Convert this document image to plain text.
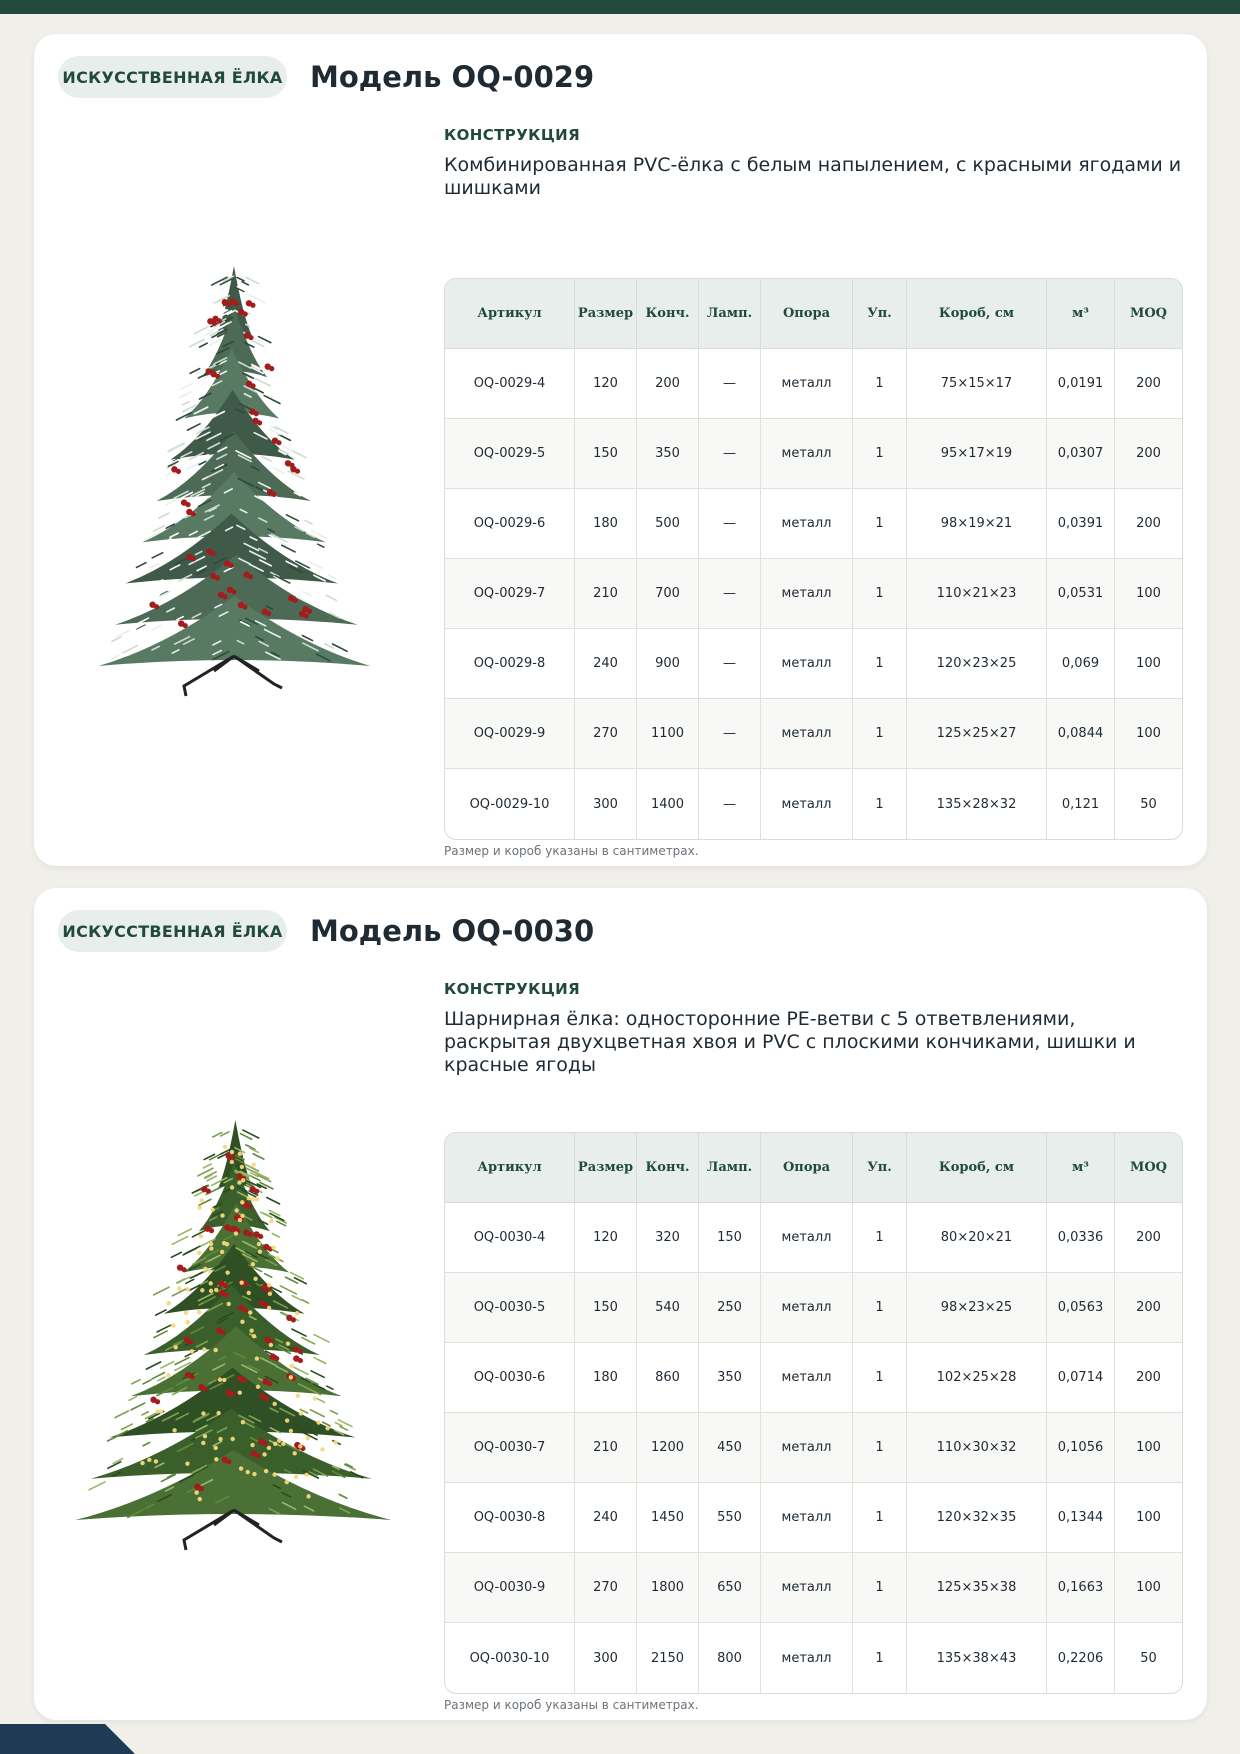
ИСКУССТВЕННАЯ ЁЛКА Модель OQ-0029
КОНСТРУКЦИЯ
Комбинированная PVC-ёлка с белым напылением, с красными ягодами и шишками
Артикул	Размер	Конч.	Ламп.	Опора	Уп.	Короб, см	м³	MOQ
OQ-0029-4	120	200	—	металл	1	75×15×17	0,0191	200
OQ-0029-5	150	350	—	металл	1	95×17×19	0,0307	200
OQ-0029-6	180	500	—	металл	1	98×19×21	0,0391	200
OQ-0029-7	210	700	—	металл	1	110×21×23	0,0531	100
OQ-0029-8	240	900	—	металл	1	120×23×25	0,069	100
OQ-0029-9	270	1100	—	металл	1	125×25×27	0,0844	100
OQ-0029-10	300	1400	—	металл	1	135×28×32	0,121	50
Размер и короб указаны в сантиметрах.
ИСКУССТВЕННАЯ ЁЛКА Модель OQ-0030
КОНСТРУКЦИЯ
Шарнирная ёлка: односторонние PE-ветви с 5 ответвлениями, раскрытая двухцветная хвоя и PVC с плоскими кончиками, шишки и красные ягоды
Артикул	Размер	Конч.	Ламп.	Опора	Уп.	Короб, см	м³	MOQ
OQ-0030-4	120	320	150	металл	1	80×20×21	0,0336	200
OQ-0030-5	150	540	250	металл	1	98×23×25	0,0563	200
OQ-0030-6	180	860	350	металл	1	102×25×28	0,0714	200
OQ-0030-7	210	1200	450	металл	1	110×30×32	0,1056	100
OQ-0030-8	240	1450	550	металл	1	120×32×35	0,1344	100
OQ-0030-9	270	1800	650	металл	1	125×35×38	0,1663	100
OQ-0030-10	300	2150	800	металл	1	135×38×43	0,2206	50
Размер и короб указаны в сантиметрах.
